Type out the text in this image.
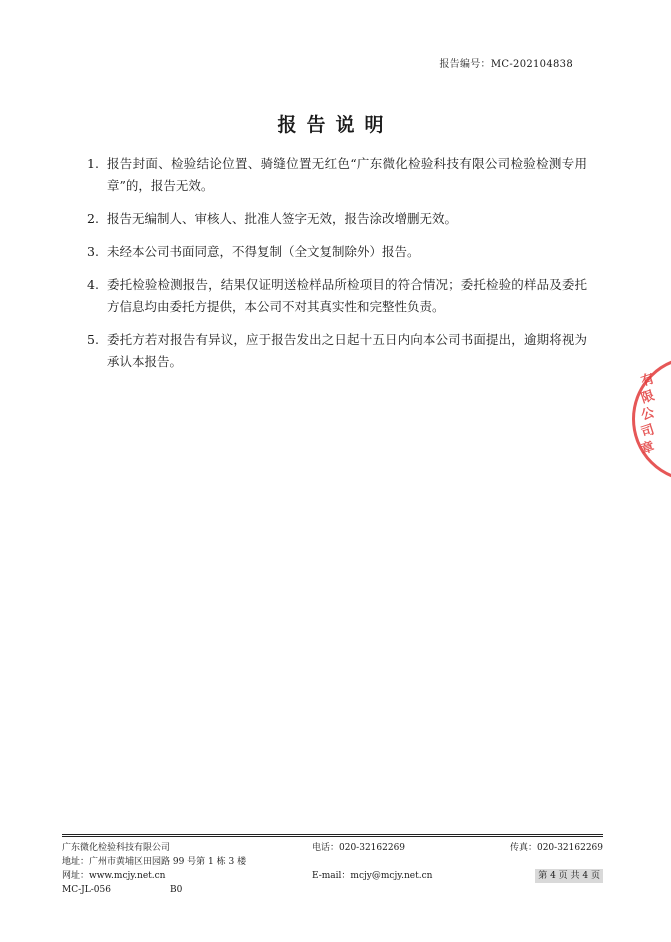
报告编号：MC-202104838
报告说明
1. 报告封面、检验结论位置、骑缝位置无红色“广东微化检验科技有限公司检验检测专用章”的，报告无效。
2. 报告无编制人、审核人、批准人签字无效，报告涂改增删无效。
3. 未经本公司书面同意，不得复制（全文复制除外）报告。
4. 委托检验检测报告，结果仅证明送检样品所检项目的符合情况；委托检验的样品及委托方信息均由委托方提供，本公司不对其真实性和完整性负责。
5. 委托方若对报告有异议，应于报告发出之日起十五日内向本公司书面提出，逾期将视为承认本报告。
有
限
公
司
章
广东微化检验科技有限公司	电话：020-32162269	传真：020-32162269
地址：广州市黄埔区田园路 99 号第 1 栋 3 楼
网址：www.mcjy.net.cn	E-mail：mcjy@mcjy.net.cn	第 4 页 共 4 页
MC-JL-056	B0
